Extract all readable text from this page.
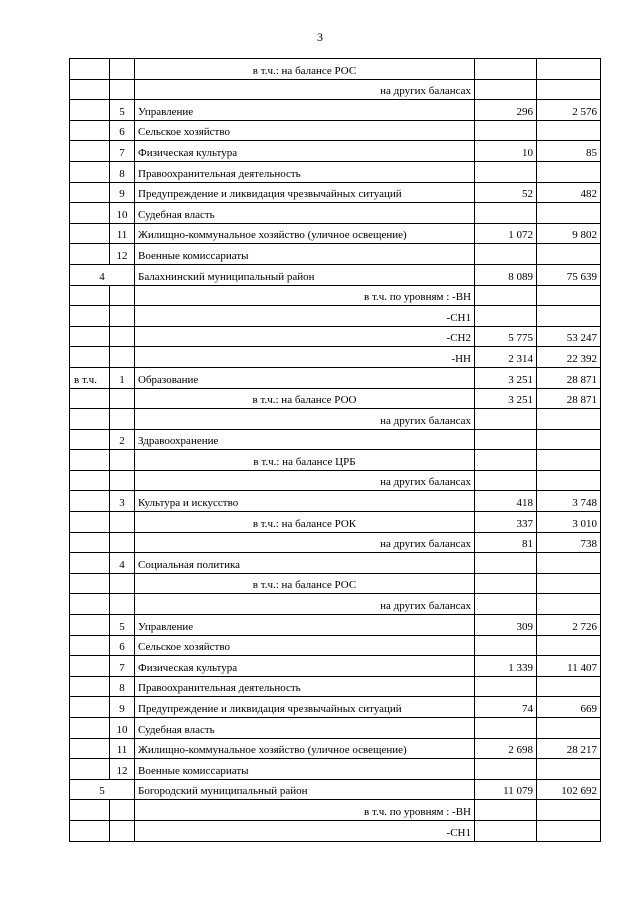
3
		в т.ч.: на балансе РОС		
		на других балансах		
	5	Управление	296	2 576
	6	Сельское хозяйство		
	7	Физическая культура	10	85
	8	Правоохранительная деятельность		
	9	Предупреждение и ликвидация чрезвычайных ситуаций	52	482
	10	Судебная власть		
	11	Жилищно-коммунальное хозяйство (уличное освещение)	1 072	9 802
	12	Военные комиссариаты		
4		Балахнинский муниципальный район	8 089	75 639
		в т.ч. по уровням : -ВН		
		-СН1		
		-СН2	5 775	53 247
		-НН	2 314	22 392
в т.ч.	1	Образование	3 251	28 871
		в т.ч.: на балансе РОО	3 251	28 871
		на других балансах		
	2	Здравоохранение		
		в т.ч.: на балансе ЦРБ		
		на других балансах		
	3	Культура и искусство	418	3 748
		в т.ч.: на балансе РОК	337	3 010
		на других балансах	81	738
	4	Социальная политика		
		в т.ч.: на балансе РОС		
		на других балансах		
	5	Управление	309	2 726
	6	Сельское хозяйство		
	7	Физическая культура	1 339	11 407
	8	Правоохранительная деятельность		
	9	Предупреждение и ликвидация чрезвычайных ситуаций	74	669
	10	Судебная власть		
	11	Жилищно-коммунальное хозяйство (уличное освещение)	2 698	28 217
	12	Военные комиссариаты		
5		Богородский муниципальный район	11 079	102 692
		в т.ч. по уровням : -ВН		
		-СН1		
